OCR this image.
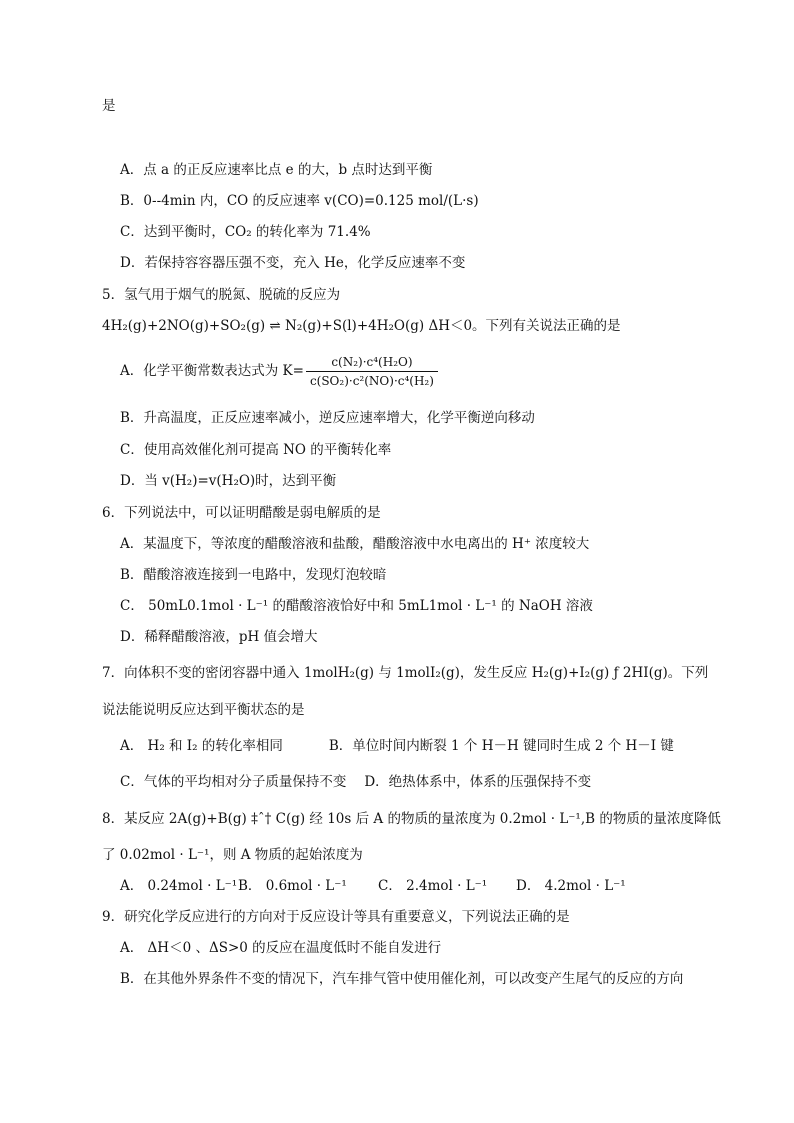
是
A．点 a 的正反应速率比点 e 的大，b 点时达到平衡
B．0--4min 内，CO 的反应速率 v(CO)=0.125 mol/(L·s)
C．达到平衡时，CO₂ 的转化率为 71.4%
D．若保持容容器压强不变，充入 He，化学反应速率不变
5．氢气用于烟气的脱氮、脱硫的反应为
4H₂(g)+2NO(g)+SO₂(g) ⇌ N₂(g)+S(l)+4H₂O(g) ΔH＜0。下列有关说法正确的是
A．化学平衡常数表达式为 $K= \frac{\text{c(N₂)·c⁴(H₂O)}}{\text{c(SO₂)·c²(NO)·c⁴(H₂)}}$
B．升高温度，正反应速率减小，逆反应速率增大，化学平衡逆向移动
C．使用高效催化剂可提高 NO 的平衡转化率
D．当 v(H₂)=v(H₂O)时，达到平衡
6．下列说法中，可以证明醋酸是弱电解质的是
A．某温度下，等浓度的醋酸溶液和盐酸，醋酸溶液中水电离出的 H⁺ 浓度较大
B．醋酸溶液连接到一电路中，发现灯泡较暗
C． 50mL0.1mol · L⁻¹ 的醋酸溶液恰好中和 5mL1mol · L⁻¹ 的 NaOH 溶液
D．稀释醋酸溶液，pH 值会增大
7．向体积不变的密闭容器中通入 1molH₂(g) 与 1molI₂(g)，发生反应 H₂(g)+I₂(g) ƒ 2HI(g)。下列
说法能说明反应达到平衡状态的是
A． H₂ 和 I₂ 的转化率相同	B．单位时间内断裂 1 个 H－H 键同时生成 2 个 H－I 键
C．气体的平均相对分子质量保持不变 D．绝热体系中，体系的压强保持不变
8．某反应 2A(g)+B(g) ‡ˆ† C(g) 经 10s 后 A 的物质的量浓度为 0.2mol · L⁻¹,B 的物质的量浓度降低
了 0.02mol · L⁻¹，则 A 物质的起始浓度为
A． 0.24mol · L⁻¹ B． 0.6mol · L⁻¹ C． 2.4mol · L⁻¹ D． 4.2mol · L⁻¹
9．研究化学反应进行的方向对于反应设计等具有重要意义，下列说法正确的是
A． ΔH＜0 、ΔS>0 的反应在温度低时不能自发进行
B．在其他外界条件不变的情况下，汽车排气管中使用催化剂，可以改变产生尾气的反应的方向
